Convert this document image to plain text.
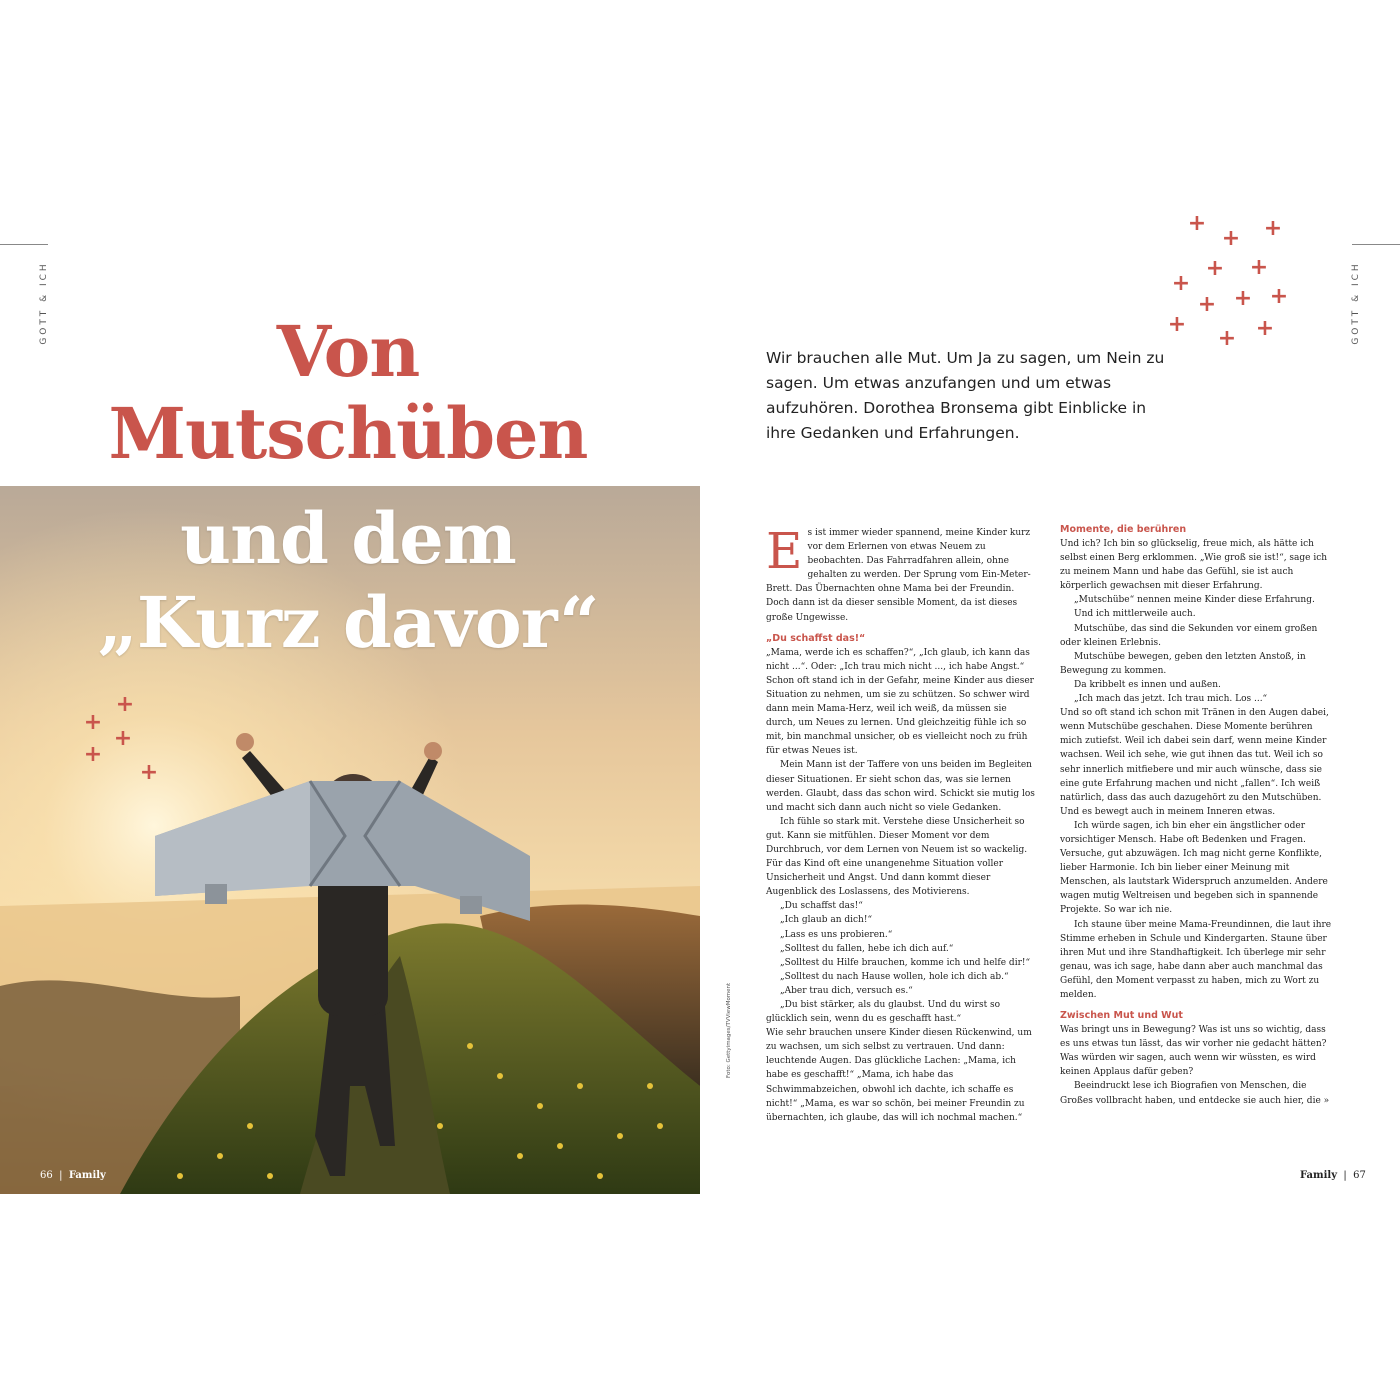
GOTT & ICH	GOTT & ICH
+
+ +
+ +
+
+ + +
+
+ +
Von
Mutschüben
und dem
„Kurz davor“
+
+
+
+
+
Wir brauchen alle Mut. Um Ja zu sagen, um Nein zu sagen. Um etwas anzufangen und um etwas aufzuhören. Dorothea Bronsema gibt Einblicke in ihre Gedanken und Erfahrungen.
Foto: Gettyimages/TVViewMoment

E s ist immer wieder spannend, meine Kinder kurz vor dem Erlernen von etwas Neuem zu beobachten. Das Fahrradfahren allein, ohne gehalten zu werden. Der Sprung vom Ein-Meter-Brett. Das Übernachten ohne Mama bei der Freundin. Doch dann ist da dieser sensible Moment, da ist dieses große Ungewisse.

„Du schaffst das!“

„Mama, werde ich es schaffen?“, „Ich glaub, ich kann das nicht ...“. Oder: „Ich trau mich nicht ..., ich habe Angst.“ Schon oft stand ich in der Gefahr, meine Kinder aus dieser Situation zu nehmen, um sie zu schützen. So schwer wird dann mein Mama-Herz, weil ich weiß, da müssen sie durch, um Neues zu lernen. Und gleichzeitig fühle ich so mit, bin manchmal unsicher, ob es vielleicht noch zu früh für etwas Neues ist.

Mein Mann ist der Tafferе von uns beiden im Begleiten dieser Situationen. Er sieht schon das, was sie lernen werden. Glaubt, dass das schon wird. Schickt sie mutig los und macht sich dann auch nicht so viele Gedanken.

Ich fühle so stark mit. Verstehe diese Unsicherheit so gut. Kann sie mitfühlen. Dieser Moment vor dem Durchbruch, vor dem Lernen von Neuem ist so wackelig. Für das Kind oft eine unangenehme Situation voller Unsicherheit und Angst. Und dann kommt dieser Augenblick des Loslassens, des Motivierens.

„Du schaffst das!“

„Ich glaub an dich!“

„Lass es uns probieren.“

„Solltest du fallen, hebe ich dich auf.“

„Solltest du Hilfe brauchen, komme ich und helfe dir!“

„Solltest du nach Hause wollen, hole ich dich ab.“

„Aber trau dich, versuch es.“

„Du bist stärker, als du glaubst. Und du wirst so glücklich sein, wenn du es geschafft hast.“

Wie sehr brauchen unsere Kinder diesen Rückenwind, um zu wachsen, um sich selbst zu vertrauen. Und dann: leuchtende Augen. Das glückliche Lachen: „Mama, ich habe es geschafft!“ „Mama, ich habe das Schwimmabzeichen, obwohl ich dachte, ich schaffe es nicht!“ „Mama, es war so schön, bei meiner Freundin zu übernachten, ich glaube, das will ich nochmal machen.“

Momente, die berühren

Und ich? Ich bin so glückselig, freue mich, als hätte ich selbst einen Berg erklommen. „Wie groß sie ist!“, sage ich zu meinem Mann und habe das Gefühl, sie ist auch körperlich gewachsen mit dieser Erfahrung.

„Mutschübe“ nennen meine Kinder diese Erfahrung.

Und ich mittlerweile auch.

Mutschübe, das sind die Sekunden vor einem großen oder kleinen Erlebnis.

Mutschübe bewegen, geben den letzten Anstoß, in Bewegung zu kommen.

Da kribbelt es innen und außen.

„Ich mach das jetzt. Ich trau mich. Los ...“

Und so oft stand ich schon mit Tränen in den Augen dabei, wenn Mutschübe geschahen. Diese Momente berühren mich zutiefst. Weil ich dabei sein darf, wenn meine Kinder wachsen. Weil ich sehe, wie gut ihnen das tut. Weil ich so sehr innerlich mitfiebere und mir auch wünsche, dass sie eine gute Erfahrung machen und nicht „fallen“. Ich weiß natürlich, dass das auch dazugehört zu den Mutschüben. Und es bewegt auch in meinem Inneren etwas.

Ich würde sagen, ich bin eher ein ängstlicher oder vorsichtiger Mensch. Habe oft Bedenken und Fragen. Versuche, gut abzuwägen. Ich mag nicht gerne Konflikte, lieber Harmonie. Ich bin lieber einer Meinung mit Menschen, als lautstark Widerspruch anzumelden. Andere wagen mutig Weltreisen und begeben sich in spannende Projekte. So war ich nie.

Ich staune über meine Mama-Freundinnen, die laut ihre Stimme erheben in Schule und Kindergarten. Staune über ihren Mut und ihre Standhaftigkeit. Ich überlege mir sehr genau, was ich sage, habe dann aber auch manchmal das Gefühl, den Moment verpasst zu haben, mich zu Wort zu melden.

Zwischen Mut und Wut

Was bringt uns in Bewegung? Was ist uns so wichtig, dass es uns etwas tun lässt, das wir vorher nie gedacht hätten? Was würden wir sagen, auch wenn wir wüssten, es wird keinen Applaus dafür geben?

Beeindruckt lese ich Biografien von Menschen, die Großes vollbracht haben, und entdecke sie auch hier, die »

66  |  Family	Family  |  67
